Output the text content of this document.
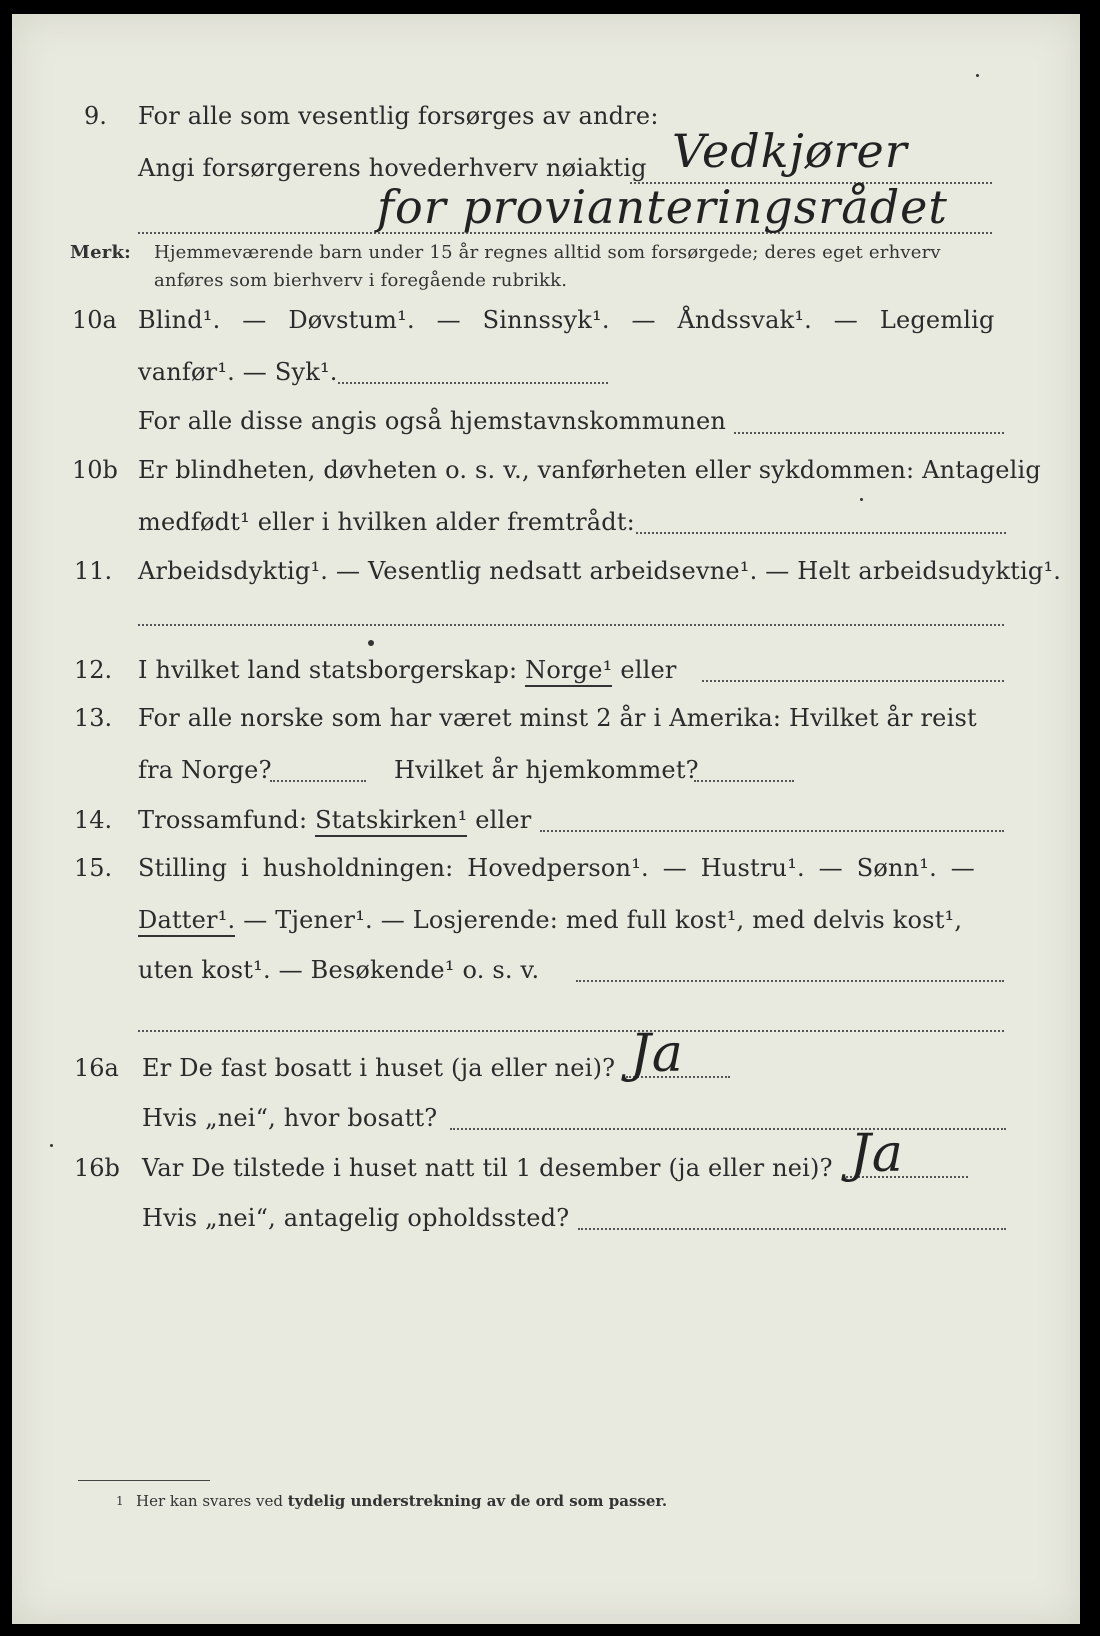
9. For alle som vesentlig forsørges av andre:
Angi forsørgerens hovederhverv nøiaktig Vedkjører
for provianteringsrådet
Merk: Hjemmeværende barn under 15 år regnes alltid som forsørgede; deres eget erhverv
anføres som bierhverv i foregående rubrikk.
10a Blind¹. — Døvstum¹. — Sinnssyk¹. — Åndssvak¹. — Legemlig
vanfør¹. — Syk¹.
For alle disse angis også hjemstavnskommunen
10b Er blindheten, døvheten o. s. v., vanførheten eller sykdommen: Antagelig
medfødt¹ eller i hvilken alder fremtrådt:
11. Arbeidsdyktig¹. — Vesentlig nedsatt arbeidsevne¹. — Helt arbeidsudyktig¹.
12. I hvilket land statsborgerskap: Norge¹ eller
13. For alle norske som har været minst 2 år i Amerika: Hvilket år reist
fra Norge?	Hvilket år hjemkommet?
14. Trossamfund: Statskirken¹ eller
15. Stilling i husholdningen: Hovedperson¹. — Hustru¹. — Sønn¹. —
Datter¹. — Tjener¹. — Losjerende: med full kost¹, med delvis kost¹,
uten kost¹. — Besøkende¹ o. s. v.
16a Er De fast bosatt i huset (ja eller nei)? Ja
Hvis „nei“, hvor bosatt?
16b Var De tilstede i huset natt til 1 desember (ja eller nei)? Ja
Hvis „nei“, antagelig opholdssted?
1 Her kan svares ved tydelig understrekning av de ord som passer.
